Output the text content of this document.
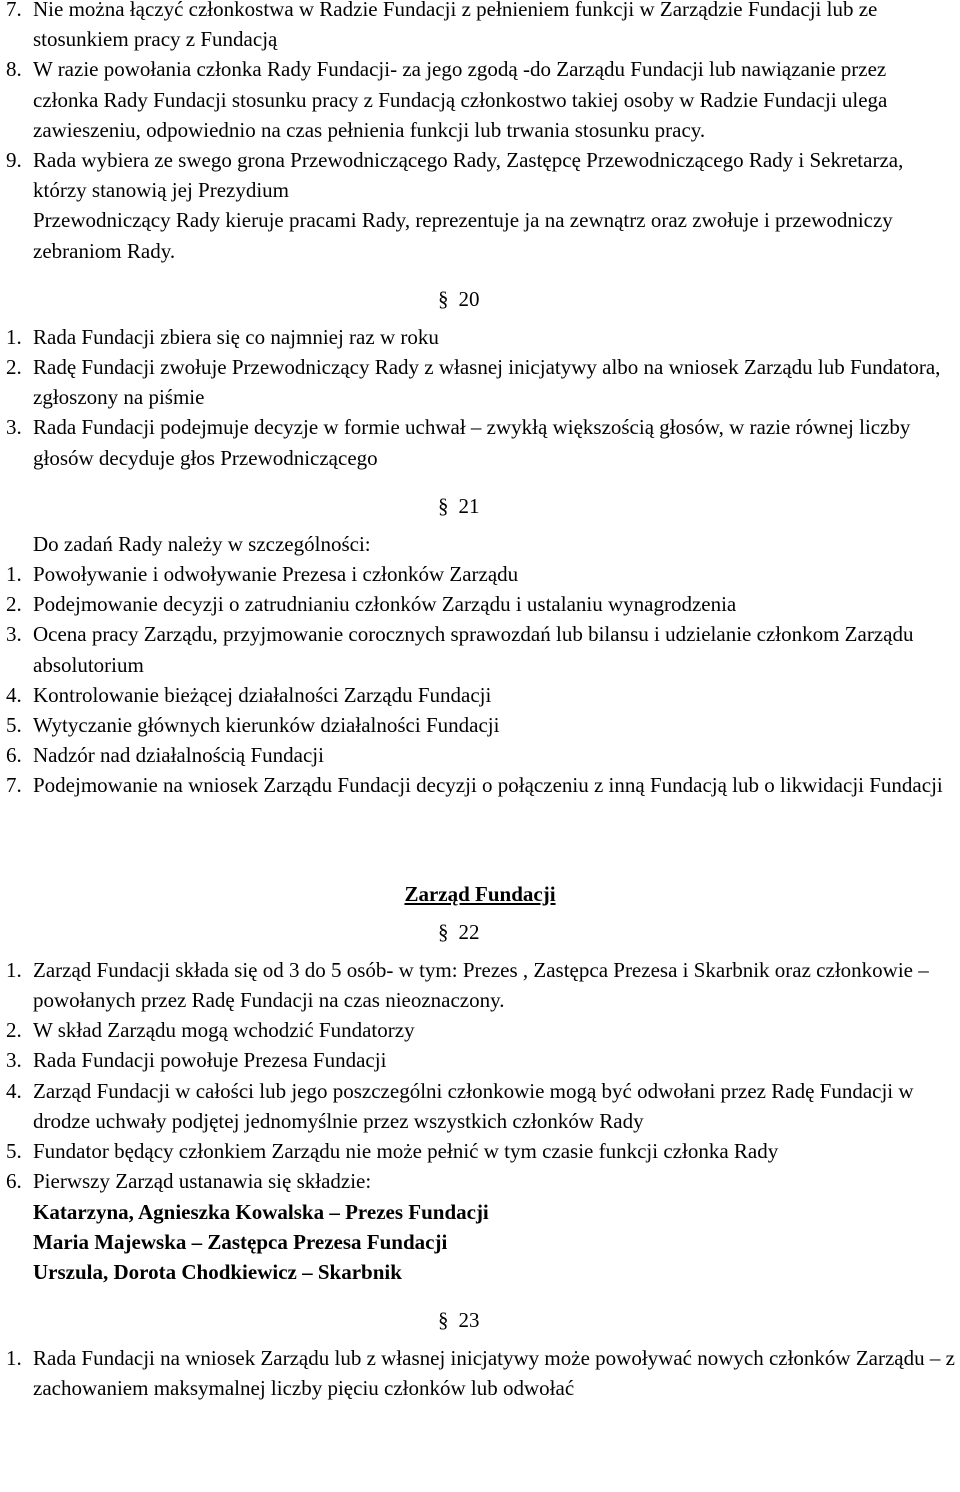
7. Nie można łączyć członkostwa w Radzie Fundacji z pełnieniem funkcji w Zarządzie Fundacji lub ze stosunkiem pracy z Fundacją
8. W razie powołania członka Rady Fundacji- za jego zgodą -do Zarządu Fundacji lub nawiązanie przez członka Rady Fundacji stosunku pracy z Fundacją członkostwo takiej osoby w Radzie Fundacji ulega zawieszeniu, odpowiednio na czas pełnienia funkcji lub trwania stosunku pracy.
9. Rada wybiera ze swego grona Przewodniczącego Rady, Zastępcę Przewodniczącego Rady i Sekretarza, którzy stanowią jej Prezydium
Przewodniczący Rady kieruje pracami Rady, reprezentuje ja na zewnątrz oraz zwołuje i przewodniczy zebraniom Rady.
§ 20
1. Rada Fundacji zbiera się co najmniej raz w roku
2. Radę Fundacji zwołuje Przewodniczący Rady z własnej inicjatywy albo na wniosek Zarządu lub Fundatora, zgłoszony na piśmie
3. Rada Fundacji podejmuje decyzje w formie uchwał – zwykłą większością głosów, w razie równej liczby głosów decyduje głos Przewodniczącego
§ 21
Do zadań Rady należy w szczególności:
1. Powoływanie i odwoływanie Prezesa i członków Zarządu
2. Podejmowanie decyzji o zatrudnianiu członków Zarządu i ustalaniu wynagrodzenia
3. Ocena pracy Zarządu, przyjmowanie corocznych sprawozdań lub bilansu i udzielanie członkom Zarządu absolutorium
4. Kontrolowanie bieżącej działalności Zarządu Fundacji
5. Wytyczanie głównych kierunków działalności Fundacji
6. Nadzór nad działalnością Fundacji
7. Podejmowanie na wniosek Zarządu Fundacji decyzji o połączeniu z inną Fundacją lub o likwidacji Fundacji
Zarząd Fundacji
§ 22
1. Zarząd Fundacji składa się od 3 do 5 osób- w tym: Prezes , Zastępca Prezesa i Skarbnik oraz członkowie – powołanych przez Radę Fundacji na czas nieoznaczony.
2. W skład Zarządu mogą wchodzić Fundatorzy
3. Rada Fundacji powołuje Prezesa Fundacji
4. Zarząd Fundacji w całości lub jego poszczególni członkowie mogą być odwołani przez Radę Fundacji w drodze uchwały podjętej jednomyślnie przez wszystkich członków Rady
5. Fundator będący członkiem Zarządu nie może pełnić w tym czasie funkcji członka Rady
6. Pierwszy Zarząd ustanawia się składzie:
Katarzyna, Agnieszka Kowalska – Prezes Fundacji
Maria Majewska – Zastępca Prezesa Fundacji
Urszula, Dorota Chodkiewicz – Skarbnik
§ 23
1. Rada Fundacji na wniosek Zarządu lub z własnej inicjatywy może powoływać nowych członków Zarządu – z zachowaniem maksymalnej liczby pięciu członków lub odwołać
